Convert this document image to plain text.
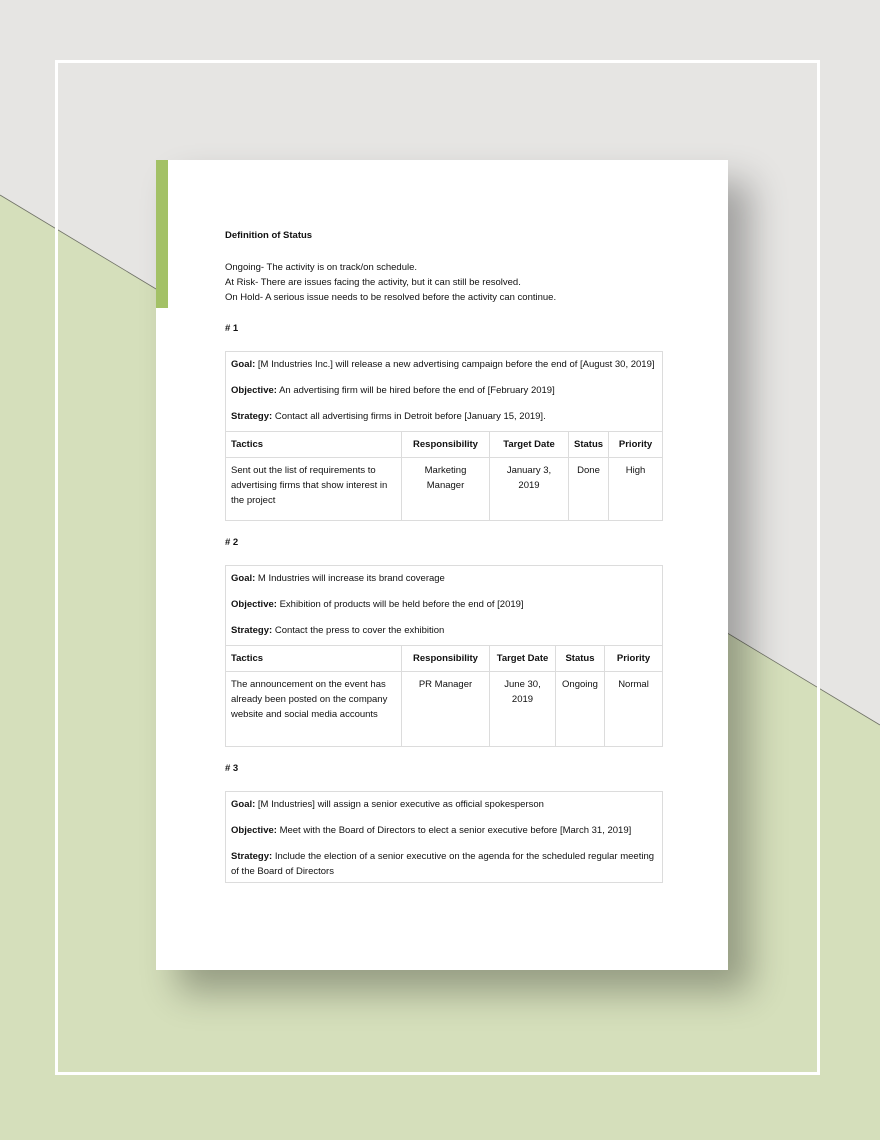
Definition of Status

Ongoing- The activity is on track/on schedule.
At Risk- There are issues facing the activity, but it can still be resolved.
On Hold- A serious issue needs to be resolved before the activity can continue.

# 1

Goal: [M Industries Inc.] will release a new advertising campaign before the end of [August 30, 2019]
Objective: An advertising firm will be hired before the end of [February 2019]
Strategy: Contact all advertising firms in Detroit before [January 15, 2019].
Tactics	Responsibility	Target Date	Status	Priority
Sent out the list of requirements to advertising firms that show interest in the project	Marketing Manager	January 3, 2019	Done	High

# 2

Goal: M Industries will increase its brand coverage
Objective: Exhibition of products will be held before the end of [2019]
Strategy: Contact the press to cover the exhibition
Tactics	Responsibility	Target Date	Status	Priority
The announcement on the event has already been posted on the company website and social media accounts	PR Manager	June 30, 2019	Ongoing	Normal

# 3

Goal: [M Industries] will assign a senior executive as official spokesperson
Objective: Meet with the Board of Directors to elect a senior executive before [March 31, 2019]
Strategy: Include the election of a senior executive on the agenda for the scheduled regular meeting of the Board of Directors
